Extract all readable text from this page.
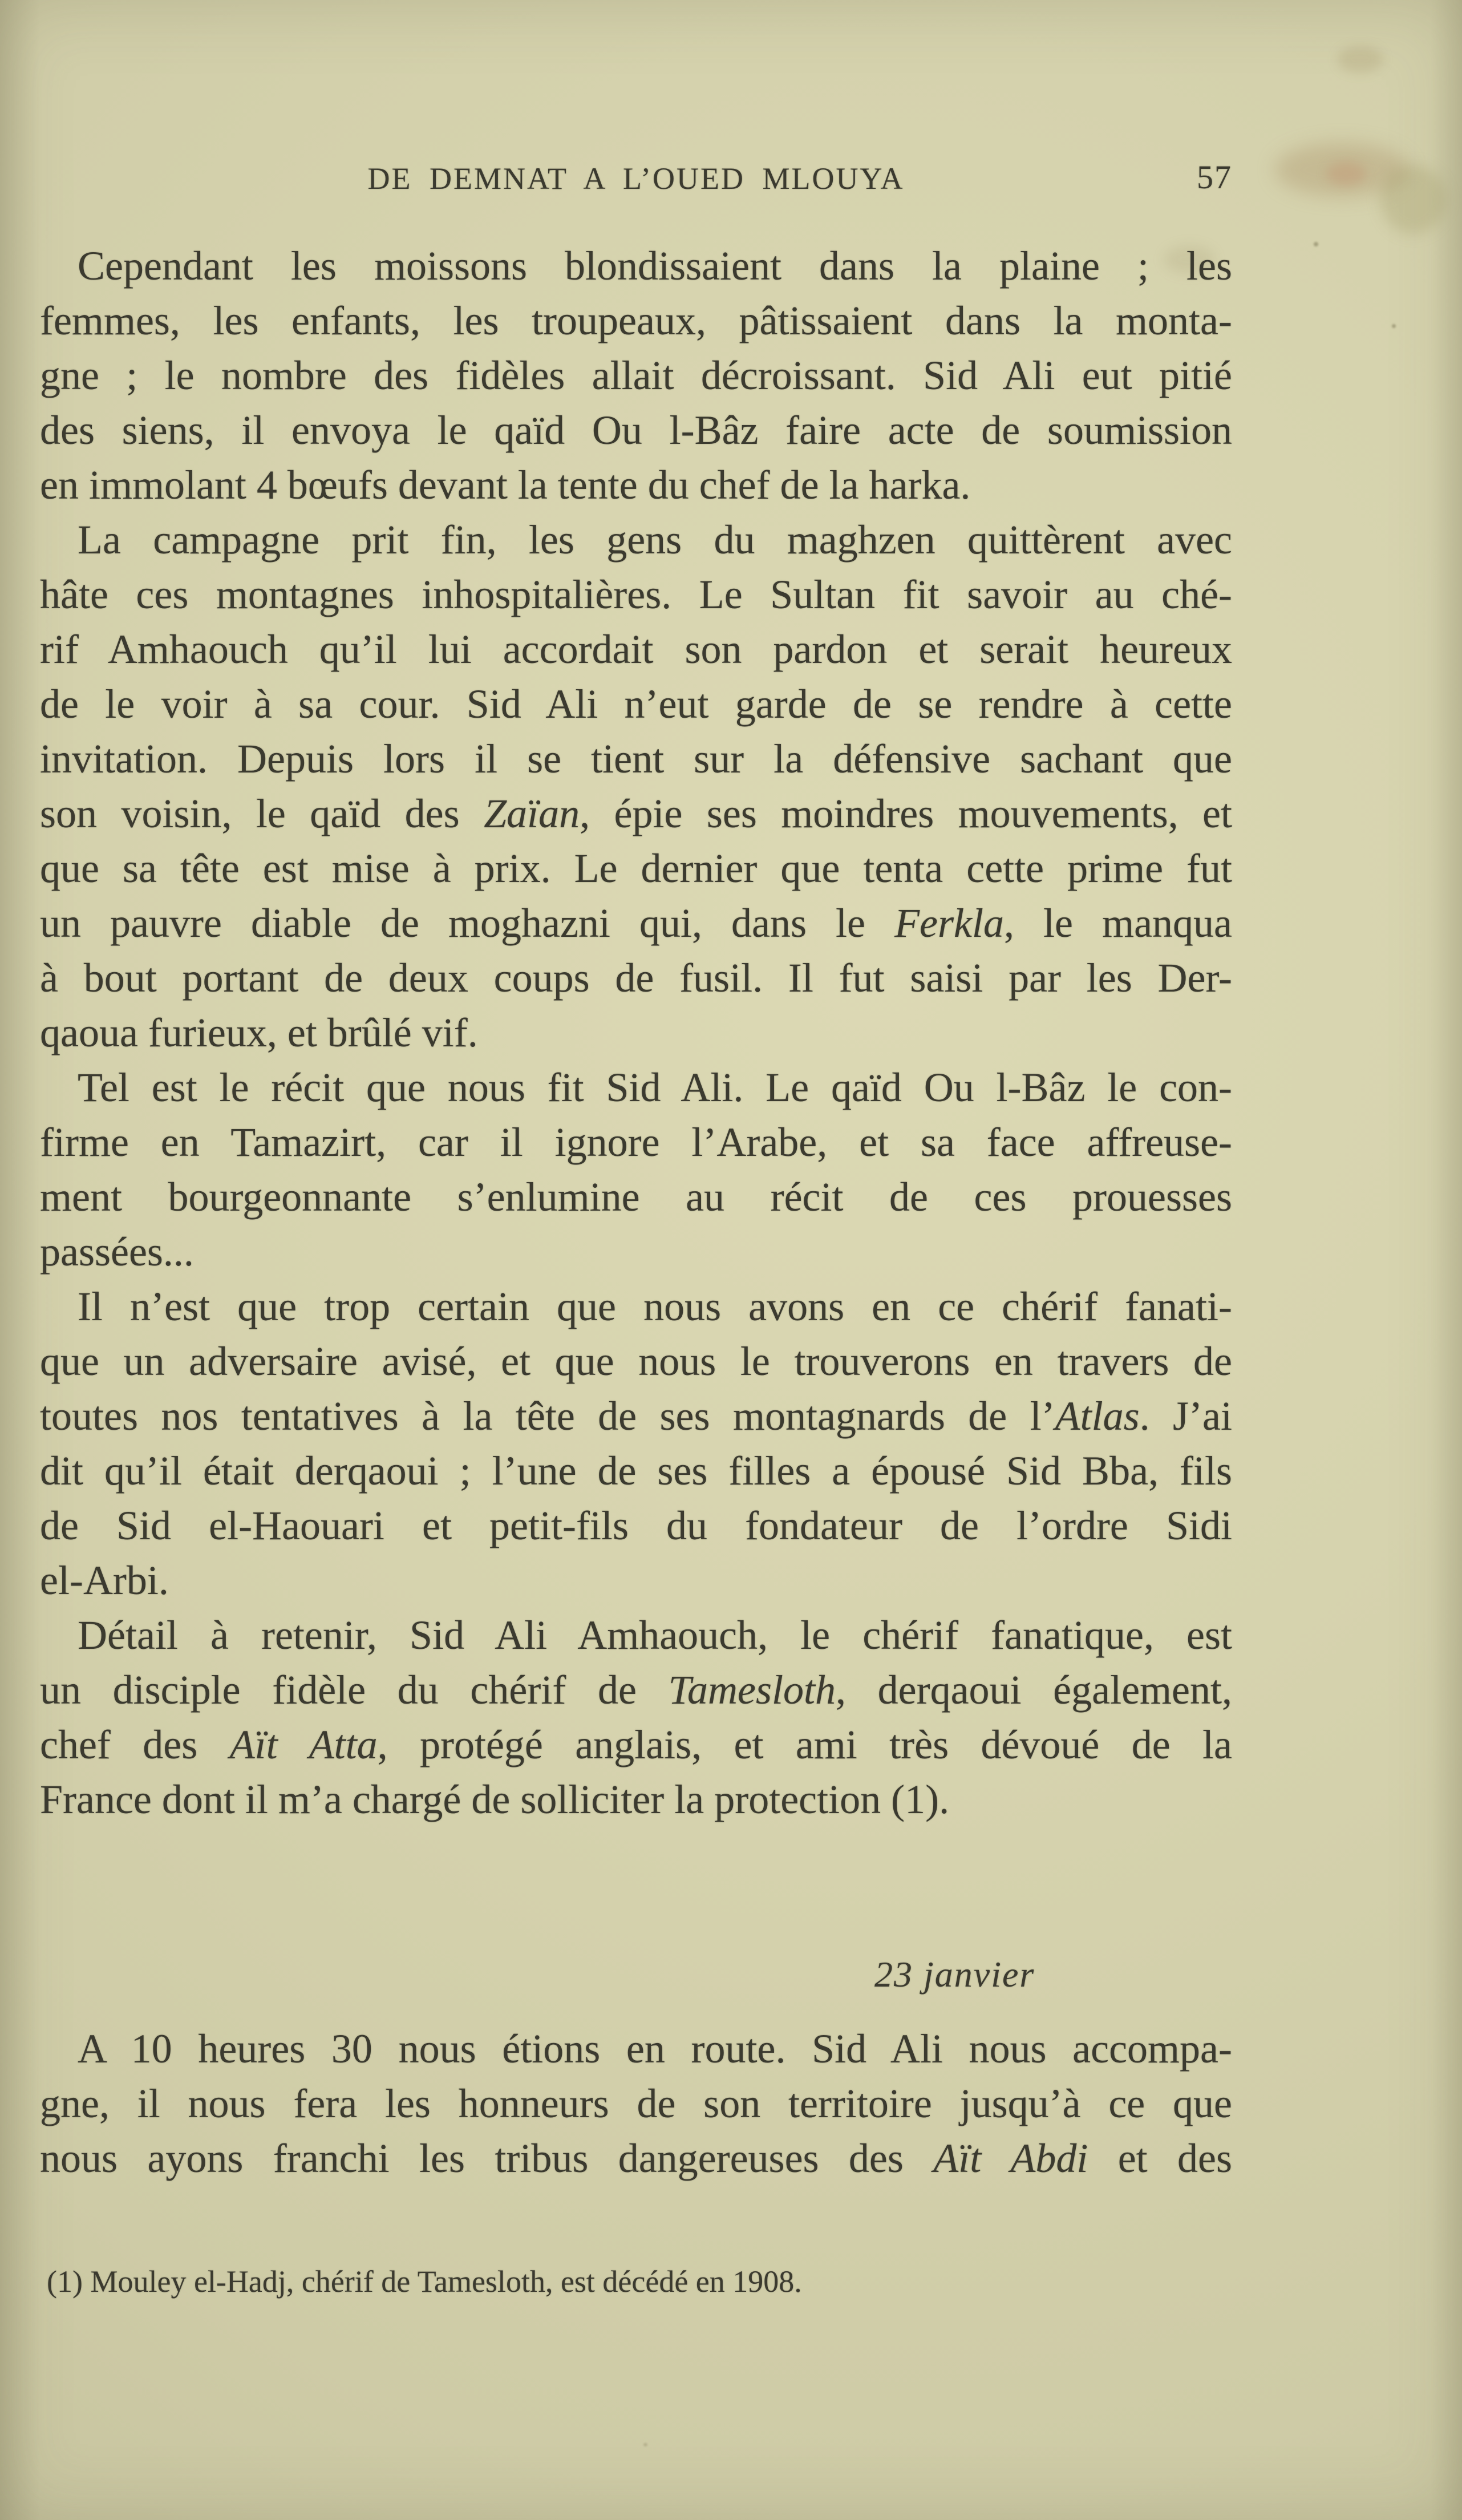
DE DEMNAT A L’OUED MLOUYA	57
Cependant les moissons blondissaient dans la plaine ; les
femmes, les enfants, les troupeaux, pâtissaient dans la monta-
gne ; le nombre des fidèles allait décroissant. Sid Ali eut pitié
des siens, il envoya le qaïd Ou l-Bâz faire acte de soumission
en immolant 4 bœufs devant la tente du chef de la harka.
La campagne prit fin, les gens du maghzen quittèrent avec
hâte ces montagnes inhospitalières. Le Sultan fit savoir au ché-
rif Amhaouch qu’il lui accordait son pardon et serait heureux
de le voir à sa cour. Sid Ali n’eut garde de se rendre à cette
invitation. Depuis lors il se tient sur la défensive sachant que
son voisin, le qaïd des Zaïan, épie ses moindres mouvements, et
que sa tête est mise à prix. Le dernier que tenta cette prime fut
un pauvre diable de moghazni qui, dans le Ferkla, le manqua
à bout portant de deux coups de fusil. Il fut saisi par les Der-
qaoua furieux, et brûlé vif.
Tel est le récit que nous fit Sid Ali. Le qaïd Ou l-Bâz le con-
firme en Tamazirt, car il ignore l’Arabe, et sa face affreuse-
ment bourgeonnante s’enlumine au récit de ces prouesses
passées...
Il n’est que trop certain que nous avons en ce chérif fanati-
que un adversaire avisé, et que nous le trouverons en travers de
toutes nos tentatives à la tête de ses montagnards de l’Atlas. J’ai
dit qu’il était derqaoui ; l’une de ses filles a épousé Sid Bba, fils
de Sid el-Haouari et petit-fils du fondateur de l’ordre Sidi
el-Arbi.
Détail à retenir, Sid Ali Amhaouch, le chérif fanatique, est
un disciple fidèle du chérif de Tamesloth, derqaoui également,
chef des Aït Atta, protégé anglais, et ami très dévoué de la
France dont il m’a chargé de solliciter la protection (1).
23 janvier
A 10 heures 30 nous étions en route. Sid Ali nous accompa-
gne, il nous fera les honneurs de son territoire jusqu’à ce que
nous ayons franchi les tribus dangereuses des Aït Abdi et des
(1) Mouley el-Hadj, chérif de Tamesloth, est décédé en 1908.
